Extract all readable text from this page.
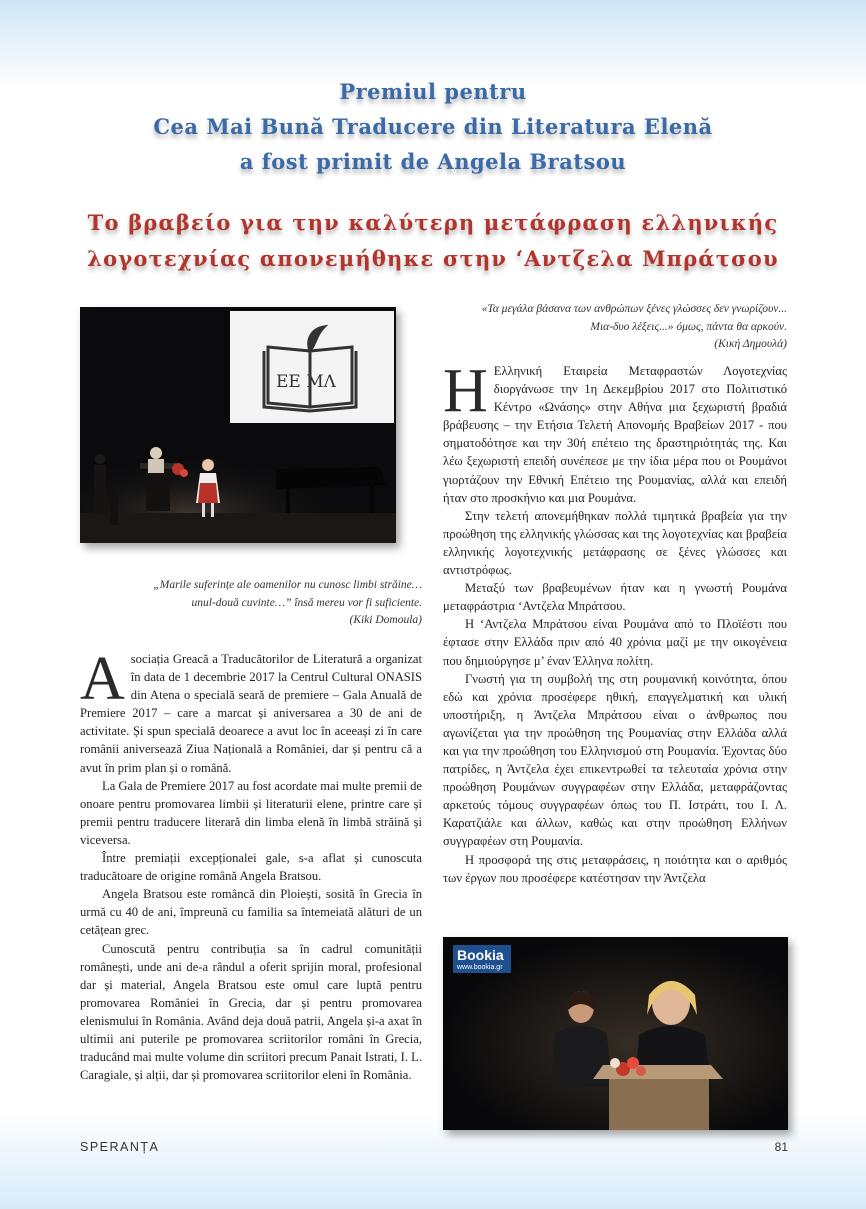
Premiul pentru
Cea Mai Bună Traducere din Literatura Elenă
a fost primit de Angela Bratsou
Το βραβείο για την καλύτερη μετάφραση ελληνικής
λογοτεχνίας απονεμήθηκε στην ‘Αντζελα Μπράτσου
ΕΕ ΜΛ
„Marile suferințe ale oamenilor nu cunosc limbi străine…
unul-două cuvinte…” însă mereu vor fi suficiente.
(Kiki Domoula)

Asociația Greacă a Traducătorilor de Literatură a organizat în data de 1 decembrie 2017 la Centrul Cultural ONASIS din Atena o specială seară de premiere – Gala Anuală de Premiere 2017 – care a marcat și aniversarea a 30 de ani de activitate. Și spun specială deoarece a avut loc în aceeași zi în care românii aniversează Ziua Națională a României, dar și pentru că a avut în prim plan și o română.

La Gala de Premiere 2017 au fost acordate mai multe premii de onoare pentru promovarea limbii și literaturii elene, printre care și premii pentru traducere literară din limba elenă în limbă străină și viceversa.

Între premiații excepționalei gale, s-a aflat și cunoscuta traducătoare de origine română Angela Bratsou.

Angela Bratsou este româncă din Ploiești, sosită în Grecia în urmă cu 40 de ani, împreună cu familia sa întemeiată alături de un cetățean grec.

Cunoscută pentru contribuția sa în cadrul comunității românești, unde ani de-a rândul a oferit sprijin moral, profesional dar și material, Angela Bratsou este omul care luptă pentru promovarea României în Grecia, dar și pentru promovarea elenismului în România. Având deja două patrii, Angela și-a axat în ultimii ani puterile pe promovarea scriitorilor români în Grecia, traducând mai multe volume din scriitori precum Panait Istrati, I. L. Caragiale, și alții, dar și promovarea scriitorilor eleni în România.

«Τα μεγάλα βάσανα των ανθρώπων ξένες γλώσσες δεν γνωρίζουν...
Μια-δυο λέξεις...» όμως, πάντα θα αρκούν.
(Κική Δημουλά)

Η Ελληνική Εταιρεία Μεταφραστών Λογοτεχνίας διοργάνωσε την 1η Δεκεμβρίου 2017 στο Πολιτιστικό Κέντρο «Ωνάσης» στην Αθήνα μια ξεχωριστή βραδιά βράβευσης – την Ετήσια Τελετή Απονομής Βραβείων 2017 - που σηματοδότησε και την 30ή επέτειο της δραστηριότητάς της. Και λέω ξεχωριστή επειδή συνέπεσε με την ίδια μέρα που οι Ρουμάνοι γιορτάζουν την Εθνική Επέτειο της Ρουμανίας, αλλά και επειδή ήταν στο προσκήνιο και μια Ρουμάνα.

Στην τελετή απονεμήθηκαν πολλά τιμητικά βραβεία για την προώθηση της ελληνικής γλώσσας και της λογοτεχνίας και βραβεία ελληνικής λογοτεχνικής μετάφρασης σε ξένες γλώσσες και αντιστρόφως.

Μεταξύ των βραβευμένων ήταν και η γνωστή Ρουμάνα μεταφράστρια ‘Αντζελα Μπράτσου.

Η ‘Αντζελα Μπράτσου είναι Ρουμάνα από το Πλοϊέστι που έφτασε στην Ελλάδα πριν από 40 χρόνια μαζί με την οικογένεια που δημιούργησε μ’ έναν Έλληνα πολίτη.

Γνωστή για τη συμβολή της στη ρουμανική κοινότητα, όπου εδώ και χρόνια προσέφερε ηθική, επαγγελματική και υλική υποστήριξη, η Άντζελα Μπράτσου είναι ο άνθρωπος που αγωνίζεται για την προώθηση της Ρουμανίας στην Ελλάδα αλλά και για την προώθηση του Ελληνισμού στη Ρουμανία. Έχοντας δύο πατρίδες, η Άντζελα έχει επικεντρωθεί τα τελευταία χρόνια στην προώθηση Ρουμάνων συγγραφέων στην Ελλάδα, μεταφράζοντας αρκετούς τόμους συγγραφέων όπως του Π. Ιστράτι, του Ι. Λ. Καρατζιάλε και άλλων, καθώς και στην προώθηση Ελλήνων συγγραφέων στη Ρουμανία.

Η προσφορά της στις μεταφράσεις, η ποιότητα και ο αριθμός των έργων που προσέφερε κατέστησαν την Άντζελα

Bookia
www.bookia.gr
SPERANȚA	81
